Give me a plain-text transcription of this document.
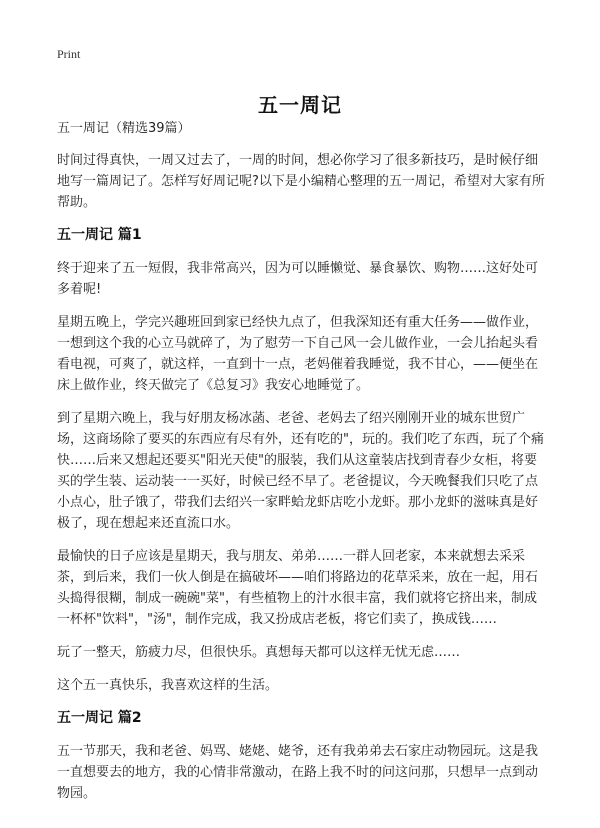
Print
五一周记

五一周记（精选39篇）

时间过得真快，一周又过去了，一周的时间，想必你学习了很多新技巧，是时候仔细地写一篇周记了。怎样写好周记呢?以下是小编精心整理的五一周记，希望对大家有所帮助。

五一周记 篇1

终于迎来了五一短假，我非常高兴，因为可以睡懒觉、暴食暴饮、购物……这好处可多着呢!

星期五晚上，学完兴趣班回到家已经快九点了，但我深知还有重大任务——做作业，一想到这个我的心立马就碎了，为了慰劳一下自己风一会儿做作业，一会儿抬起头看看电视，可爽了，就这样，一直到十一点，老妈催着我睡觉，我不甘心，——便坐在床上做作业，终天做完了《总复习》我安心地睡觉了。

到了星期六晚上，我与好朋友杨冰菡、老爸、老妈去了绍兴刚刚开业的城东世贸广场，这商场除了要买的东西应有尽有外，还有吃的"，玩的。我们吃了东西，玩了个痛快……后来又想起还要买"阳光天使"的服装，我们从这童装店找到青春少女柜，将要买的学生装、运动装一一买好，时候已经不早了。老爸提议，今天晚餐我们只吃了点小点心，肚子饿了，带我们去绍兴一家畔蛤龙虾店吃小龙虾。那小龙虾的滋味真是好极了，现在想起来还直流口水。

最愉快的日子应该是星期天，我与朋友、弟弟……一群人回老家，本来就想去采采茶，到后来，我们一伙人倒是在搞破坏——咱们将路边的花草采来，放在一起，用石头捣得很糊，制成一碗碗"菜"，有些植物上的汁水很丰富，我们就将它挤出来，制成一杯杯"饮料"，"汤"，制作完成，我又扮成店老板，将它们卖了，换成钱……

玩了一整天，筋疲力尽，但很快乐。真想每天都可以这样无忧无虑……

这个五一真快乐，我喜欢这样的生活。

五一周记 篇2

五一节那天，我和老爸、妈骂、姥姥、姥爷，还有我弟弟去石家庄动物园玩。这是我一直想要去的地方，我的心情非常激动，在路上我不时的问这问那，只想早一点到动物园。
